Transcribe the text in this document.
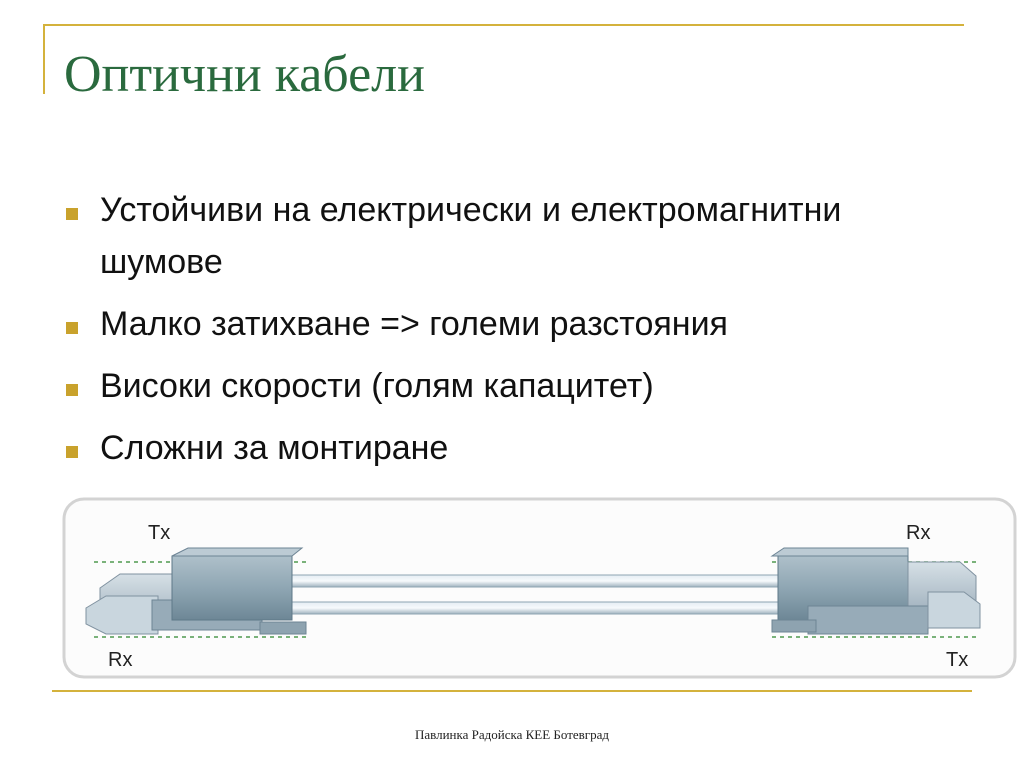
Оптични кабели
Устойчиви на електрически и електромагнитни шумове
Малко затихване => големи разстояния
Високи скорости (голям капацитет)
Сложни за монтиране
Tx
Rx
Rx
Tx
Павлинка Радойска КЕЕ Ботевград
